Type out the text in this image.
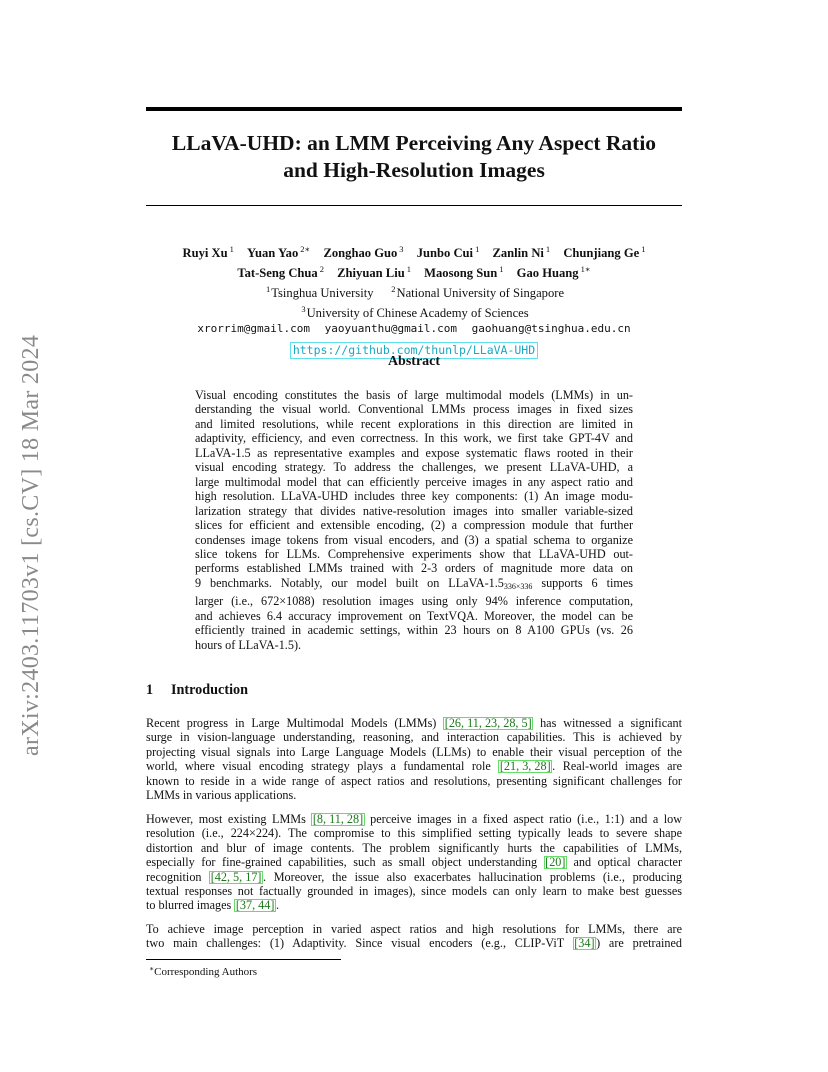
arXiv:2403.11703v1 [cs.CV] 18 Mar 2024
LLaVA-UHD: an LMM Perceiving Any Aspect Ratio
and High-Resolution Images
Ruyi Xu $^1$ Yuan Yao $^{2∗}$ Zonghao Guo $^3$ Junbo Cui $^1$ Zanlin Ni $^1$ Chunjiang Ge $^1$
Tat-Seng Chua $^2$ Zhiyuan Liu $^1$ Maosong Sun $^1$ Gao Huang $^{1∗}$
$^1$Tsinghua University $^2$National University of Singapore
$^3$University of Chinese Academy of Sciences
xrorrim@gmail.com yaoyuanthu@gmail.com gaohuang@tsinghua.edu.cn
https://github.com/thunlp/LLaVA-UHD
Abstract
Visual encoding constitutes the basis of large multimodal models (LMMs) in un-
derstanding the visual world. Conventional LMMs process images in fixed sizes
and limited resolutions, while recent explorations in this direction are limited in
adaptivity, efficiency, and even correctness. In this work, we first take GPT-4V and
LLaVA-1.5 as representative examples and expose systematic flaws rooted in their
visual encoding strategy. To address the challenges, we present LLaVA-UHD, a
large multimodal model that can efficiently perceive images in any aspect ratio and
high resolution. LLaVA-UHD includes three key components: (1) An image modu-
larization strategy that divides native-resolution images into smaller variable-sized
slices for efficient and extensible encoding, (2) a compression module that further
condenses image tokens from visual encoders, and (3) a spatial schema to organize
slice tokens for LLMs. Comprehensive experiments show that LLaVA-UHD out-
performs established LMMs trained with 2-3 orders of magnitude more data on
9 benchmarks. Notably, our model built on LLaVA-$1.5_{336\times 336}$ supports 6 times
larger (i.e., 672×1088) resolution images using only 94% inference computation,
and achieves 6.4 accuracy improvement on TextVQA. Moreover, the model can be
efficiently trained in academic settings, within 23 hours on 8 A100 GPUs (vs. 26
hours of LLaVA-1.5).
1 Introduction
Recent progress in Large Multimodal Models (LMMs) [26, 11, 23, 28, 5] has witnessed a significant
surge in vision-language understanding, reasoning, and interaction capabilities. This is achieved by
projecting visual signals into Large Language Models (LLMs) to enable their visual perception of the
world, where visual encoding strategy plays a fundamental role [21, 3, 28] . Real-world images are
known to reside in a wide range of aspect ratios and resolutions, presenting significant challenges for
LMMs in various applications.
However, most existing LMMs [8, 11, 28] perceive images in a fixed aspect ratio (i.e., 1:1) and a low
resolution (i.e., 224×224). The compromise to this simplified setting typically leads to severe shape
distortion and blur of image contents. The problem significantly hurts the capabilities of LMMs,
especially for fine-grained capabilities, such as small object understanding [20] and optical character
recognition [42, 5, 17] . Moreover, the issue also exacerbates hallucination problems (i.e., producing
textual responses not factually grounded in images), since models can only learn to make best guesses
to blurred images [37, 44] .
To achieve image perception in varied aspect ratios and high resolutions for LMMs, there are
two main challenges: (1) Adaptivity. Since visual encoders (e.g., CLIP-ViT [34] ) are pretrained
∗Corresponding Authors
